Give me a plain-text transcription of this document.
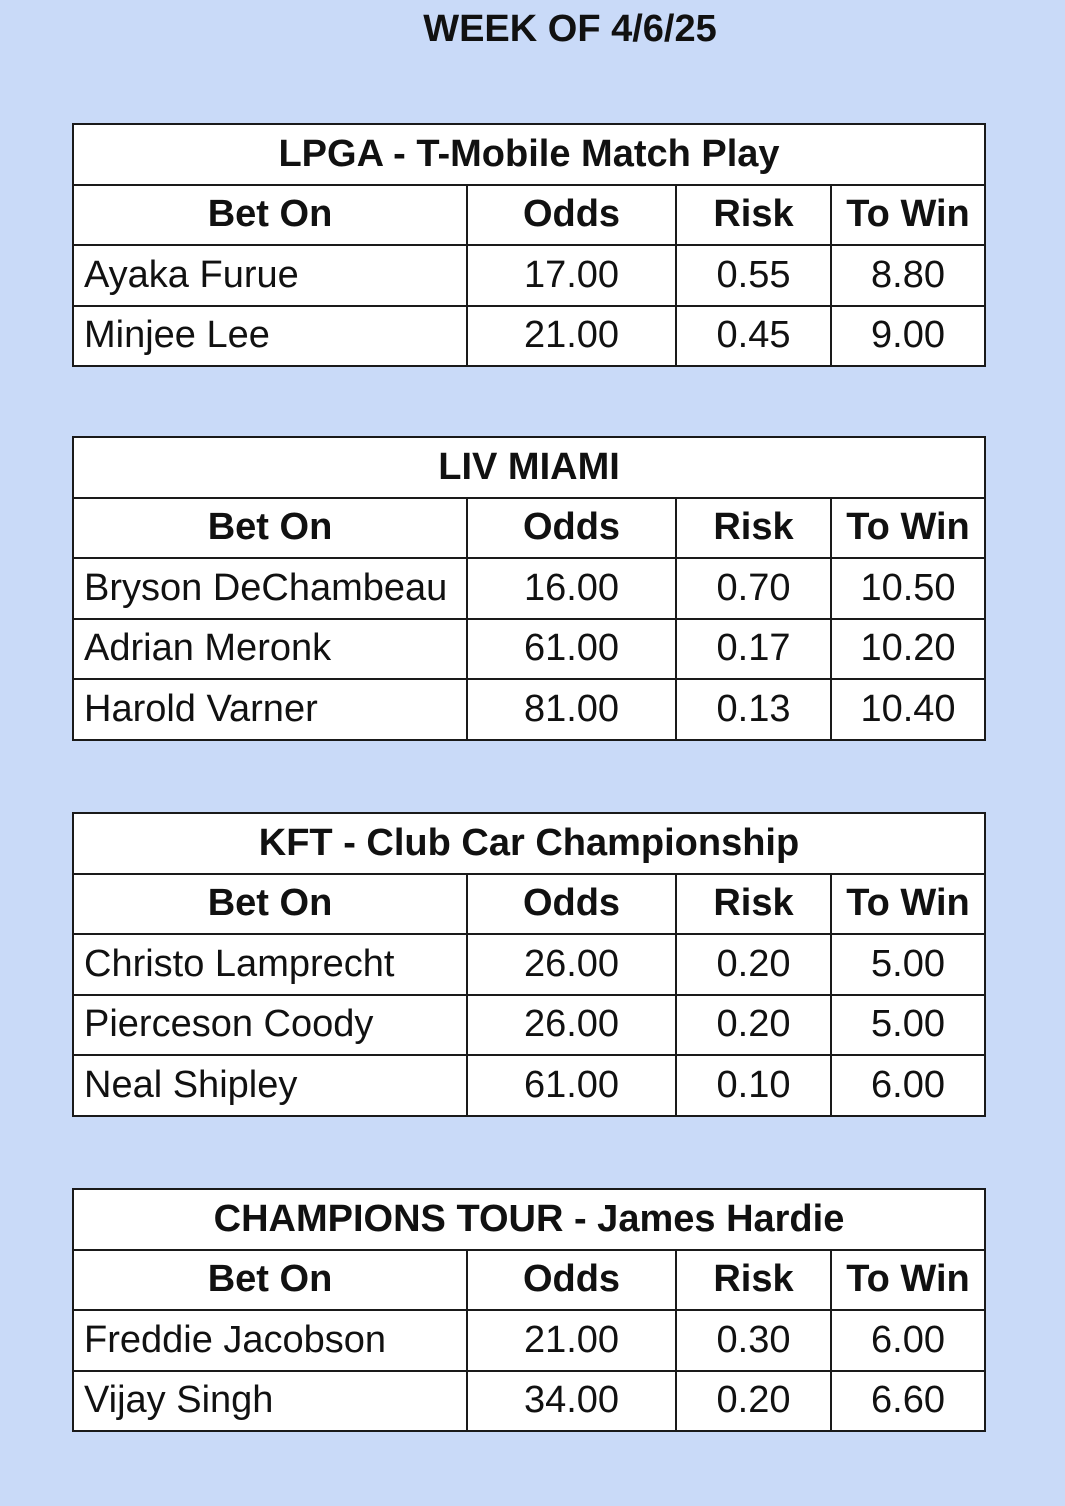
WEEK OF 4/6/25
LPGA - T-Mobile Match Play			
Bet On	Odds	Risk	To Win
Ayaka Furue	17.00	0.55	8.80
Minjee Lee	21.00	0.45	9.00
LIV MIAMI			
Bet On	Odds	Risk	To Win
Bryson DeChambeau	16.00	0.70	10.50
Adrian Meronk	61.00	0.17	10.20
Harold Varner	81.00	0.13	10.40
KFT - Club Car Championship			
Bet On	Odds	Risk	To Win
Christo Lamprecht	26.00	0.20	5.00
Pierceson Coody	26.00	0.20	5.00
Neal Shipley	61.00	0.10	6.00
CHAMPIONS TOUR - James Hardie			
Bet On	Odds	Risk	To Win
Freddie Jacobson	21.00	0.30	6.00
Vijay Singh	34.00	0.20	6.60
